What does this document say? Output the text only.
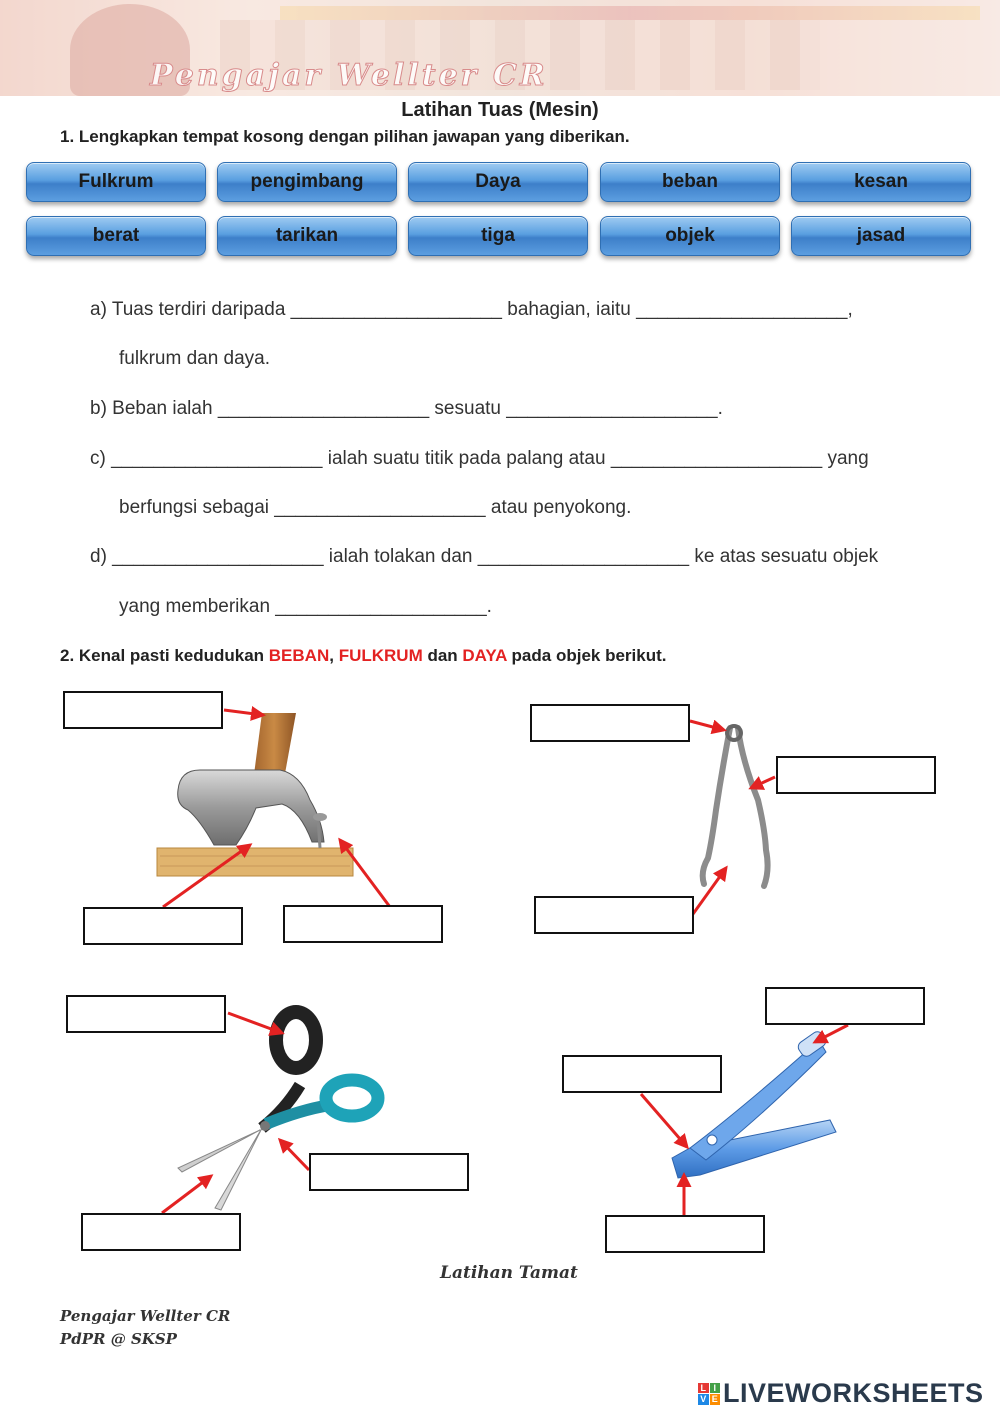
Pengajar Wellter CR
Latihan Tuas (Mesin)
1. Lengkapkan tempat kosong dengan pilihan jawapan yang diberikan.
Fulkrum	pengimbang	Daya	beban	kesan
berat	tarikan	tiga	objek	jasad
a) Tuas terdiri daripada ____________________ bahagian, iaitu ____________________,
fulkrum dan daya.
b) Beban ialah ____________________ sesuatu ____________________.
c) ____________________ ialah suatu titik pada palang atau ____________________ yang
berfungsi sebagai ____________________ atau penyokong.
d) ____________________ ialah tolakan dan ____________________ ke atas sesuatu objek
yang memberikan ____________________.
2. Kenal pasti kedudukan BEBAN, FULKRUM dan DAYA pada objek berikut.
Latihan Tamat
Pengajar Wellter CR
PdPR @ SKSP
L I
V E LIVEWORKSHEETS
